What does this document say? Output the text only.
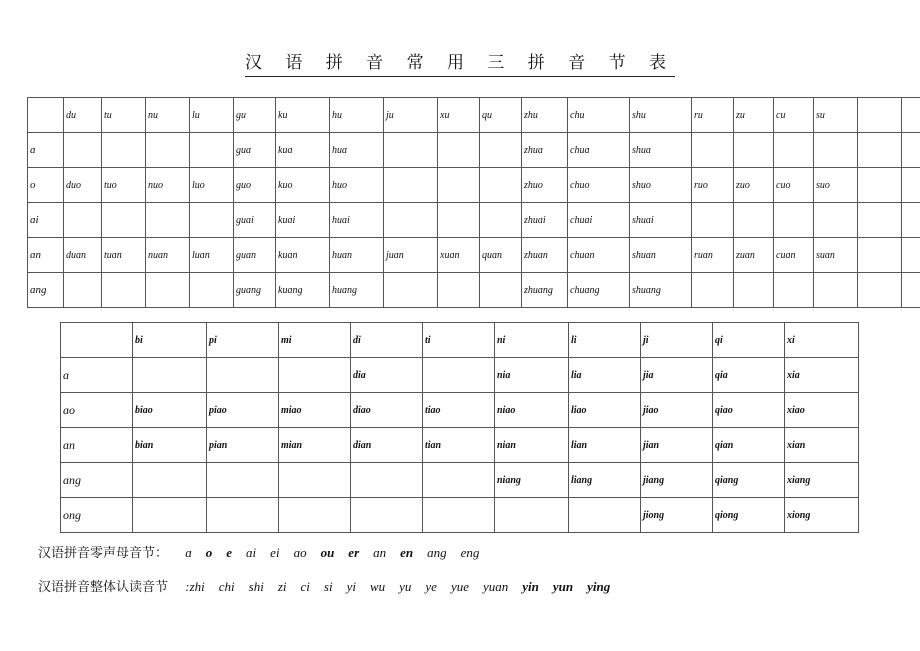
汉 语 拼 音 常 用 三 拼 音 节 表
	du	tu	nu	lu	gu	ku	hu	ju	xu	qu	zhu	chu	shu	ru	zu	cu	su		
ɑ					guɑ	kuɑ	huɑ				zhuɑ	chuɑ	shuɑ						
o	duo	tuo	nuo	luo	guo	kuo	huo				zhuo	chuo	shuo	ruo	zuo	cuo	suo		
ɑi					guɑi	kuɑi	huɑi				zhuɑi	chuɑi	shuɑi						
ɑn	duɑn	tuɑn	nuɑn	luɑn	guɑn	kuɑn	huɑn	juɑn	xuɑn	quɑn	zhuɑn	chuɑn	shuɑn	ruɑn	zuɑn	cuɑn	suɑn		
ɑng					guɑng	kuɑng	huɑng				zhuɑng	chuɑng	shuɑng						
	bi	pi	mi	di	ti	ni	li	ji	qi	xi
ɑ				diɑ		niɑ	liɑ	jiɑ	qiɑ	xiɑ
ɑo	biɑo	piɑo	miɑo	diɑo	tiɑo	niɑo	liɑo	jiɑo	qiɑo	xiɑo
ɑn	biɑn	piɑn	miɑn	diɑn	tiɑn	niɑn	liɑn	jiɑn	qiɑn	xiɑn
ɑng						niɑng	liɑng	jiɑng	qiɑng	xiɑng
ong								jiong	qiong	xiong
汉语拼音零声母音节： ɑ o e ɑi ei ɑo ou er ɑn en ɑng eng
汉语拼音整体认读音节 :zhi chi shi zi ci si yi wu yu ye yue yuɑn yin yun ying
